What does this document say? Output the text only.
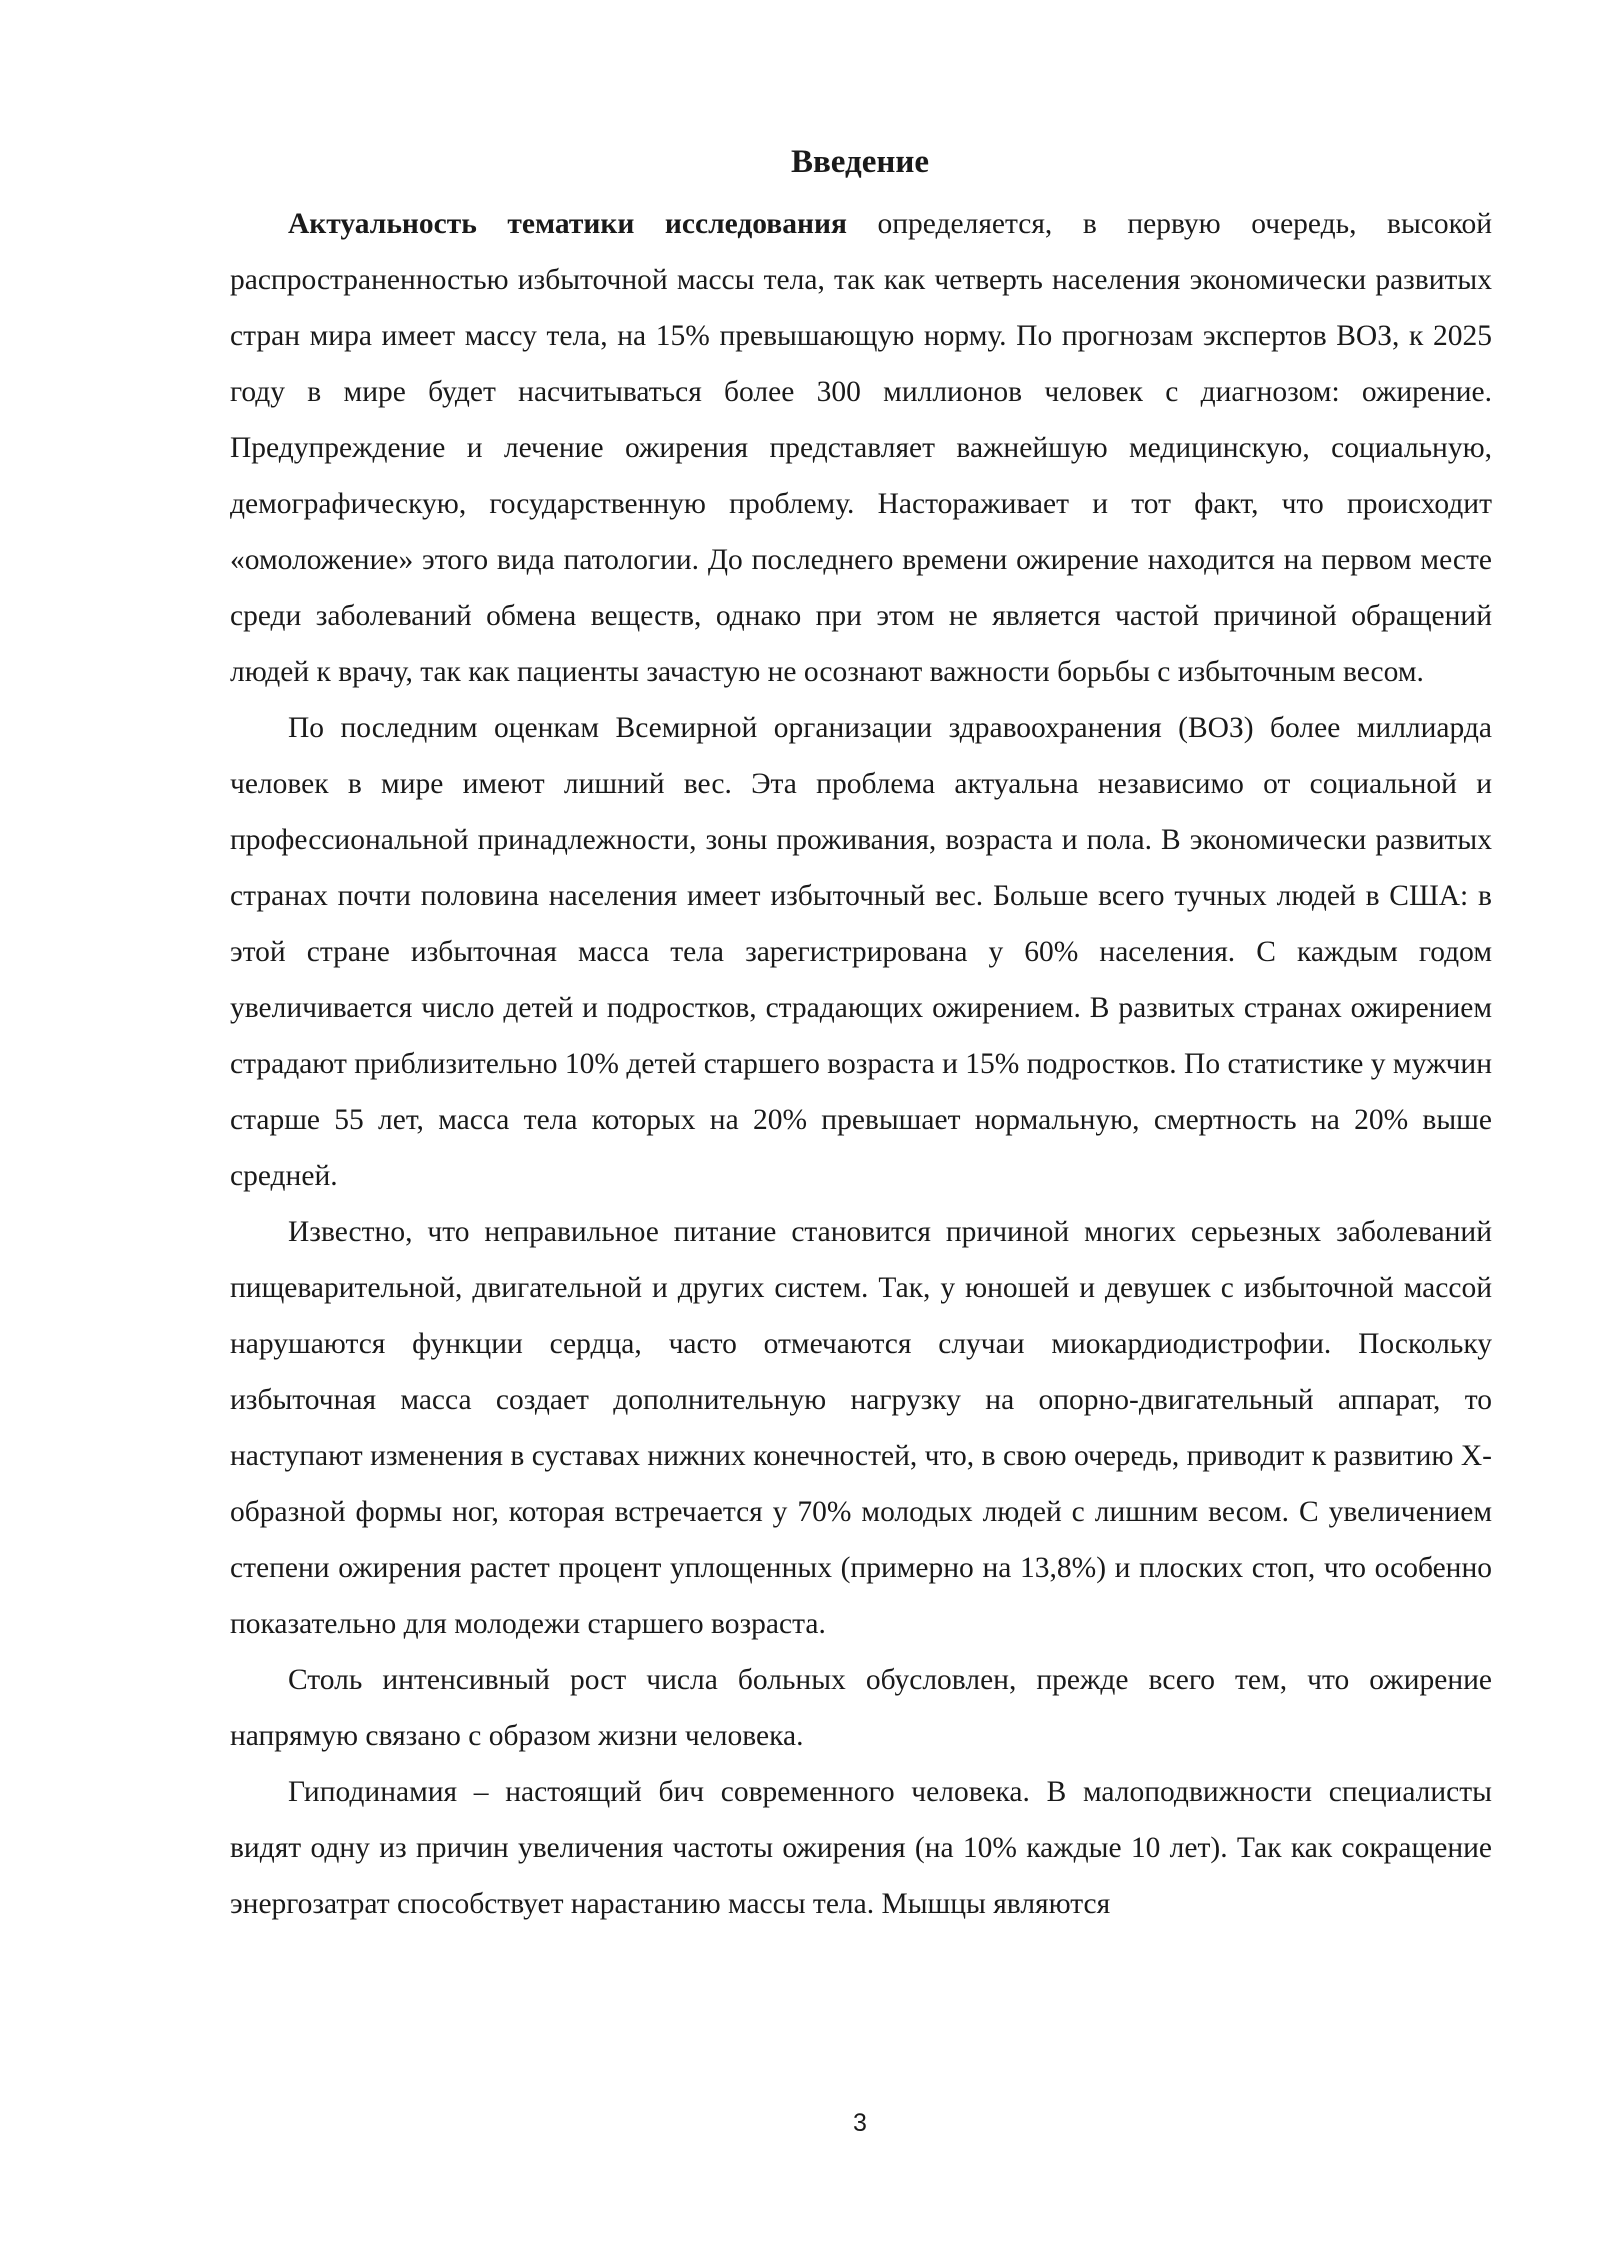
Введение

Актуальность тематики исследования определяется, в первую очередь, высокой распространенностью избыточной массы тела, так как четверть населения экономически развитых стран мира имеет массу тела, на 15% превышающую норму. По прогнозам экспертов ВОЗ, к 2025 году в мире будет насчитываться более 300 миллионов человек с диагнозом: ожирение. Предупреждение и лечение ожирения представляет важнейшую медицинскую, социальную, демографическую, государственную проблему. Настораживает и тот факт, что происходит «омоложение» этого вида патологии. До последнего времени ожирение находится на первом месте среди заболеваний обмена веществ, однако при этом не является частой причиной обращений людей к врачу, так как пациенты зачастую не осознают важности борьбы с избыточным весом.

По последним оценкам Всемирной организации здравоохранения (ВОЗ) более миллиарда человек в мире имеют лишний вес. Эта проблема актуальна независимо от социальной и профессиональной принадлежности, зоны проживания, возраста и пола. В экономически развитых странах почти половина населения имеет избыточный вес. Больше всего тучных людей в США: в этой стране избыточная масса тела зарегистрирована у 60% населения. С каждым годом увеличивается число детей и подростков, страдающих ожирением. В развитых странах ожирением страдают приблизительно 10% детей старшего возраста и 15% подростков. По статистике у мужчин старше 55 лет, масса тела которых на 20% превышает нормальную, смертность на 20% выше средней.

Известно, что неправильное питание становится причиной многих серьезных заболеваний пищеварительной, двигательной и других систем. Так, у юношей и девушек с избыточной массой нарушаются функции сердца, часто отмечаются случаи миокардиодистрофии. Поскольку избыточная масса создает дополнительную нагрузку на опорно-двигательный аппарат, то наступают изменения в суставах нижних конечностей, что, в свою очередь, приводит к развитию Х-образной формы ног, которая встречается у 70% молодых людей с лишним весом. С увеличением степени ожирения растет процент уплощенных (примерно на 13,8%) и плоских стоп, что особенно показательно для молодежи старшего возраста.

Столь интенсивный рост числа больных обусловлен, прежде всего тем, что ожирение напрямую связано с образом жизни человека.

Гиподинамия – настоящий бич современного человека. В малоподвижности специалисты видят одну из причин увеличения частоты ожирения (на 10% каждые 10 лет). Так как сокращение энергозатрат способствует нарастанию массы тела. Мышцы являются

3
